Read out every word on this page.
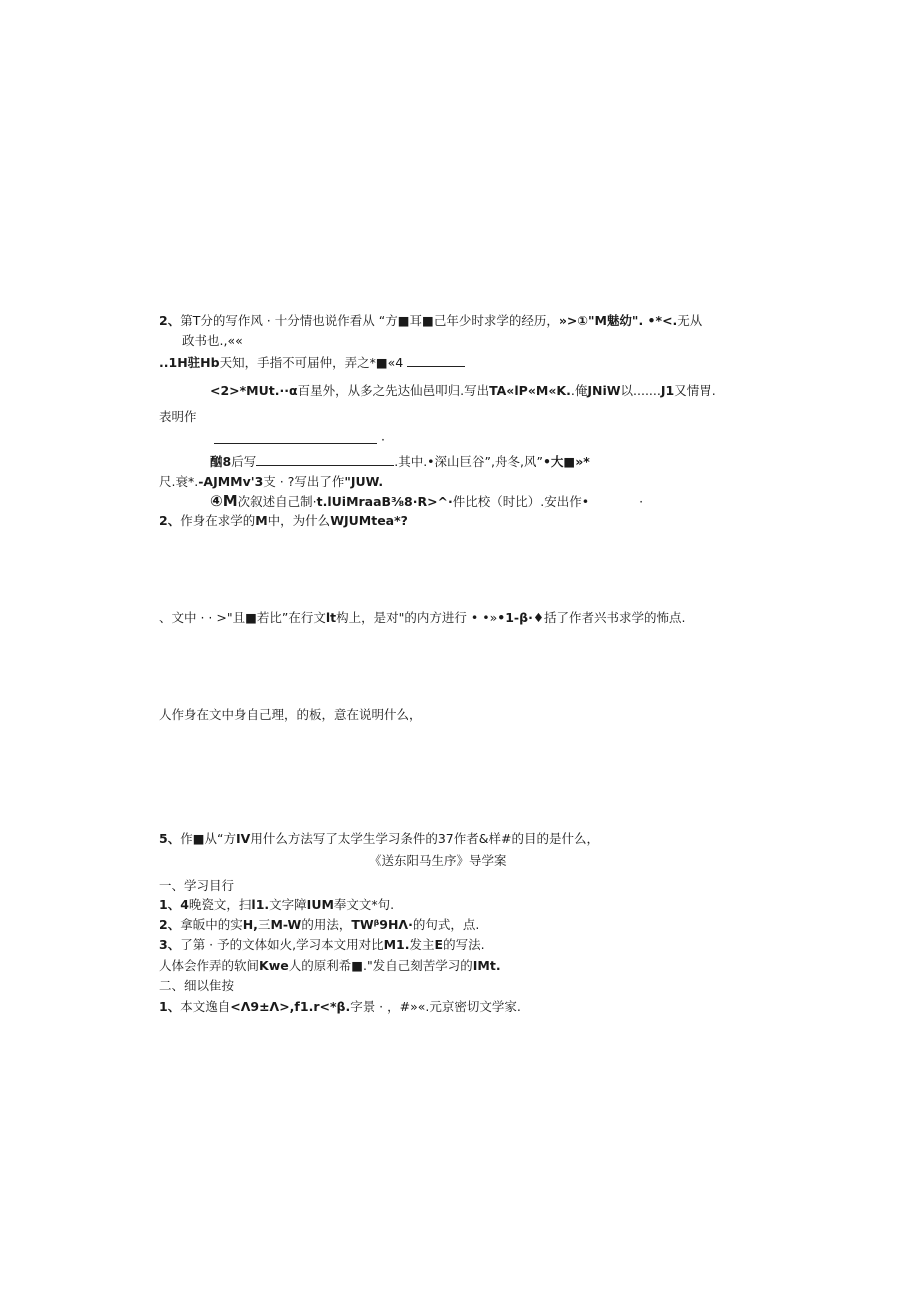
2、第T分的写作风 · 十分情也说作看从 “方■耳■己年少时求学的经历，»>①"M魅幼". •*<.无从
政书也.,««
..1H驻Hb天知，手指不可届仲，弄之*■«4
<2>*MUt.··α百星外，从多之先达仙邑叩归.写出TA«lP«M«K..俺JNiW以.......J1又情胃.
表明作
·
酗8后写	.其中.•深山巨谷”,舟冬,风”•大■»*
尺.衰*.-AJMMv'3支 · ?写出了作"JUW.
④M次叙述自己制·t.lUiMraaB⅜8·R>^·件比校（时比）.安出作•	·
2、作身在求学的M中，为什么WJUMtea*?
、文中 · · >"且■若比”在行文lt构上，是对"的内方进行 • •»•1-β·♦括了作者兴书求学的怖点.
人作身在文中身自己理，的板，意在说明什么，
5、作■从“方IV用什么方法写了太学生学习条件的37作者&样#的目的是什么，
《送东阳马生序》导学案
一、学习目行
1、4晚瓷文，扫l1.文字障IUM奉文文*句.
2、拿皈中的实H,三M-W的用法，TWᵝ9HΛ·的句式，点.
3、了第 · 予的文体如火,学习本文用对比M1.发主E的写法.
人体会作弄的软间Kwe人的原利希■."发自己刻苦学习的IMt.
二、细以隹按
1、本文逸自<Λ9±Λ>,f1.r<*β.字景 · ，#»«.元京密切文学家.
